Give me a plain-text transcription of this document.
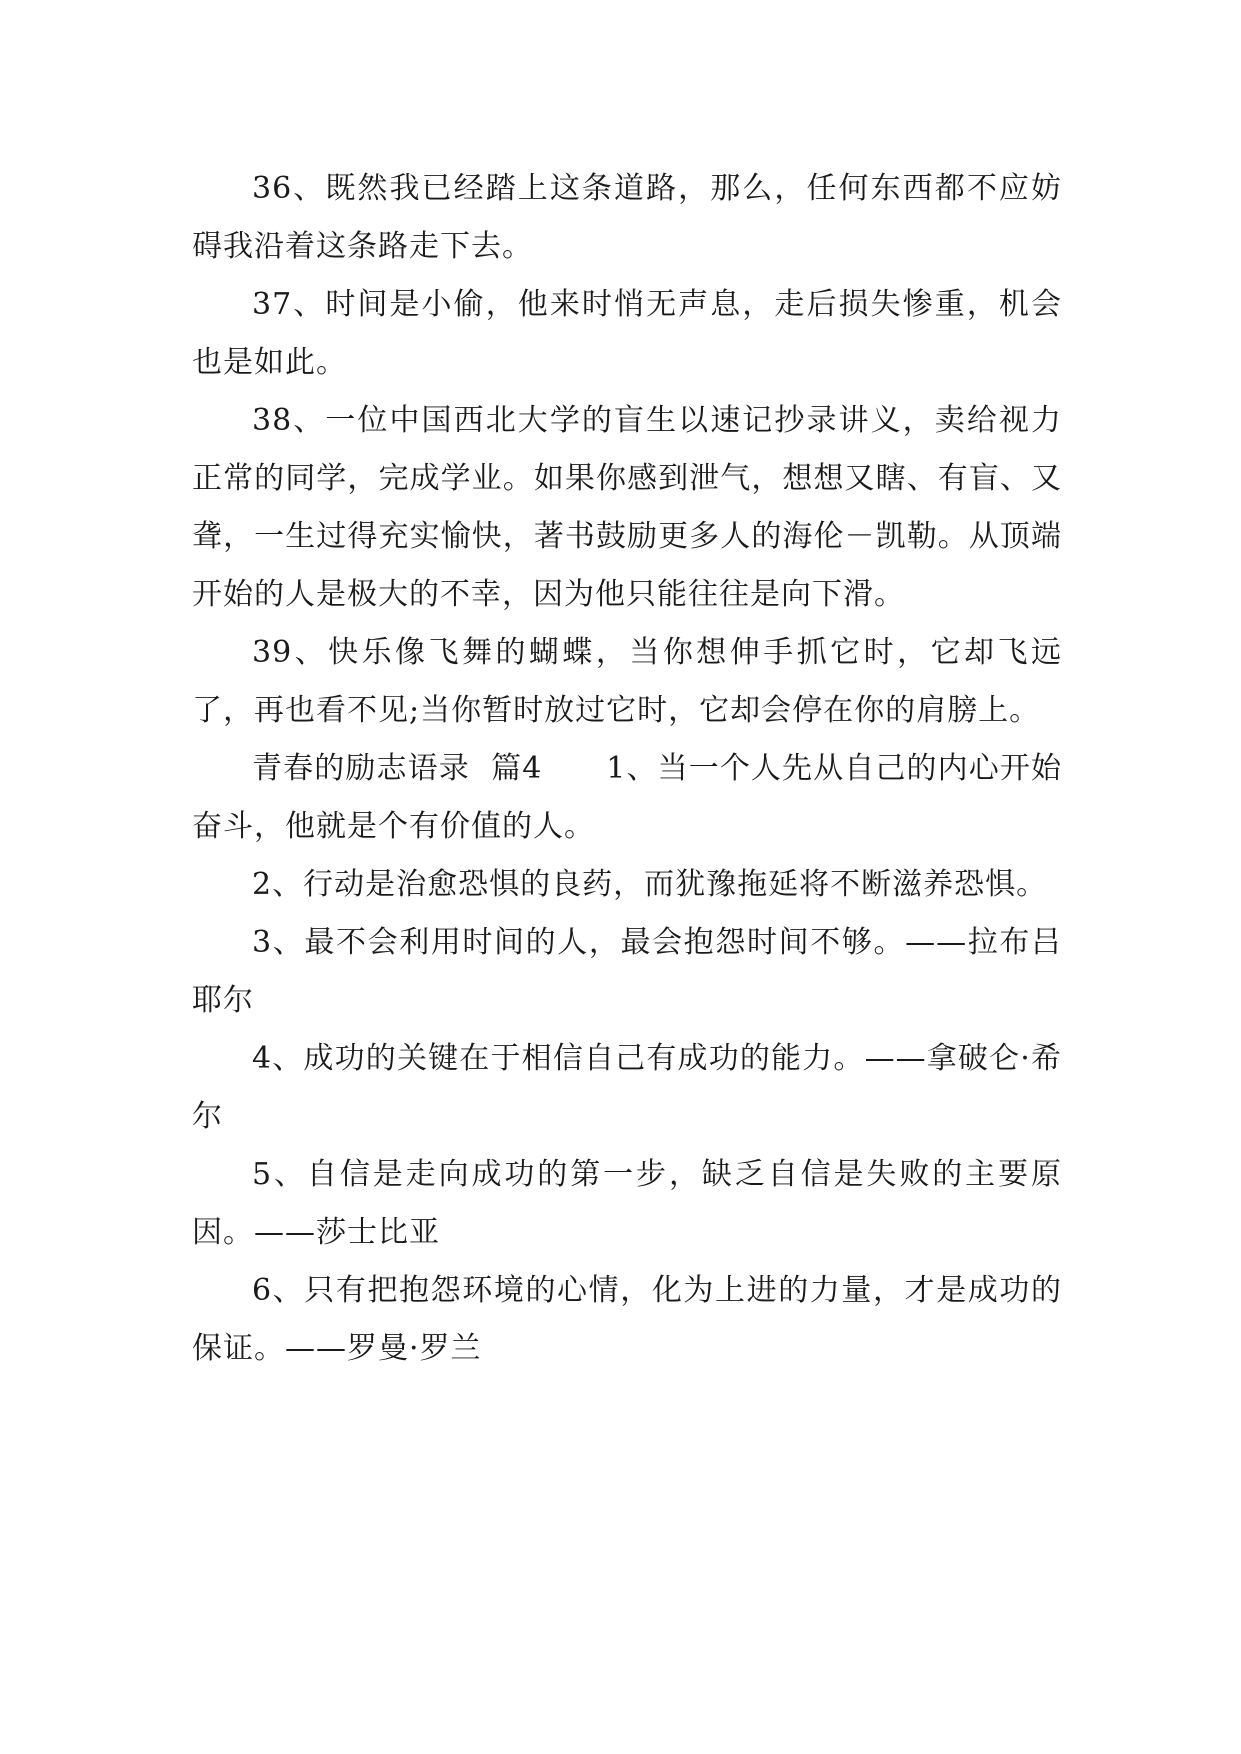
36、既然我已经踏上这条道路，那么，任何东西都不应妨碍我沿着这条路走下去。

37、时间是小偷，他来时悄无声息，走后损失惨重，机会也是如此。

38、一位中国西北大学的盲生以速记抄录讲义，卖给视力正常的同学，完成学业。如果你感到泄气，想想又瞎、有盲、又聋，一生过得充实愉快，著书鼓励更多人的海伦－凯勒。从顶端开始的人是极大的不幸，因为他只能往往是向下滑。

39、快乐像飞舞的蝴蝶，当你想伸手抓它时，它却飞远了，再也看不见;当你暂时放过它时，它却会停在你的肩膀上。

青春的励志语录  篇4      1、当一个人先从自己的内心开始奋斗，他就是个有价值的人。

2、行动是治愈恐惧的良药，而犹豫拖延将不断滋养恐惧。

3、最不会利用时间的人，最会抱怨时间不够。——拉布吕耶尔

4、成功的关键在于相信自己有成功的能力。——拿破仑·希尔

5、自信是走向成功的第一步，缺乏自信是失败的主要原因。——莎士比亚

6、只有把抱怨环境的心情，化为上进的力量，才是成功的保证。——罗曼·罗兰
